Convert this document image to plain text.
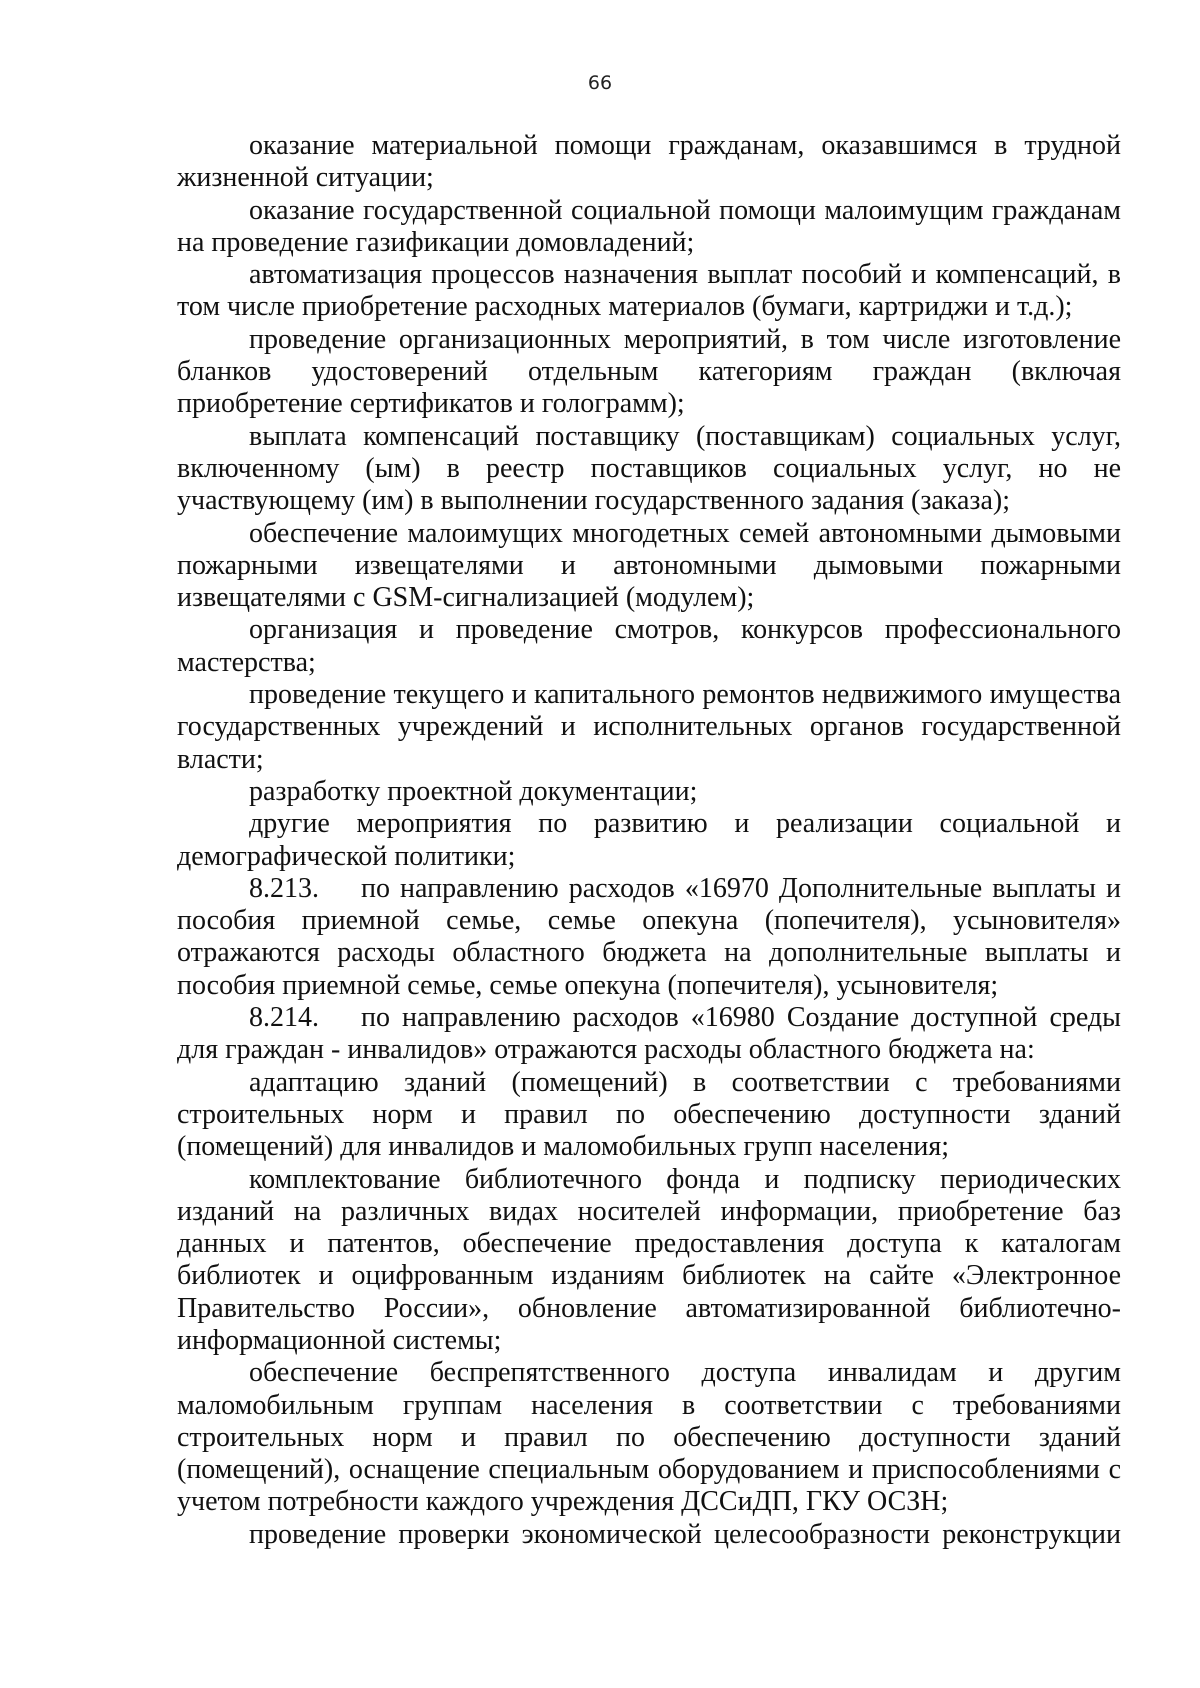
66

оказание материальной помощи гражданам, оказавшимся в трудной жизненной ситуации;

оказание государственной социальной помощи малоимущим гражданам на проведение газификации домовладений;

автоматизация процессов назначения выплат пособий и компенсаций, в том числе приобретение расходных материалов (бумаги, картриджи и т.д.);

проведение организационных мероприятий, в том числе изготовление бланков удостоверений отдельным категориям граждан (включая приобретение сертификатов и голограмм);

выплата компенсаций поставщику (поставщикам) социальных услуг, включенному (ым) в реестр поставщиков социальных услуг, но не участвующему (им) в выполнении государственного задания (заказа);

обеспечение малоимущих многодетных семей автономными дымовыми пожарными извещателями и автономными дымовыми пожарными извещателями с GSM-сигнализацией (модулем);

организация и проведение смотров, конкурсов профессионального мастерства;

проведение текущего и капитального ремонтов недвижимого имущества государственных учреждений и исполнительных органов государственной власти;

разработку проектной документации;

другие мероприятия по развитию и реализации социальной и демографической политики;

8.213. по направлению расходов «16970 Дополнительные выплаты и пособия приемной семье, семье опекуна (попечителя), усыновителя» отражаются расходы областного бюджета на дополнительные выплаты и пособия приемной семье, семье опекуна (попечителя), усыновителя;

8.214. по направлению расходов «16980 Создание доступной среды для граждан - инвалидов» отражаются расходы областного бюджета на:

адаптацию зданий (помещений) в соответствии с требованиями строительных норм и правил по обеспечению доступности зданий (помещений) для инвалидов и маломобильных групп населения;

комплектование библиотечного фонда и подписку периодических изданий на различных видах носителей информации, приобретение баз данных и патентов, обеспечение предоставления доступа к каталогам библиотек и оцифрованным изданиям библиотек на сайте «Электронное Правительство России», обновление автоматизированной библиотечно-информационной системы;

обеспечение беспрепятственного доступа инвалидам и другим маломобильным группам населения в соответствии с требованиями строительных норм и правил по обеспечению доступности зданий (помещений), оснащение специальным оборудованием и приспособлениями с учетом потребности каждого учреждения ДССиДП, ГКУ ОСЗН;

проведение проверки экономической целесообразности реконструкции
